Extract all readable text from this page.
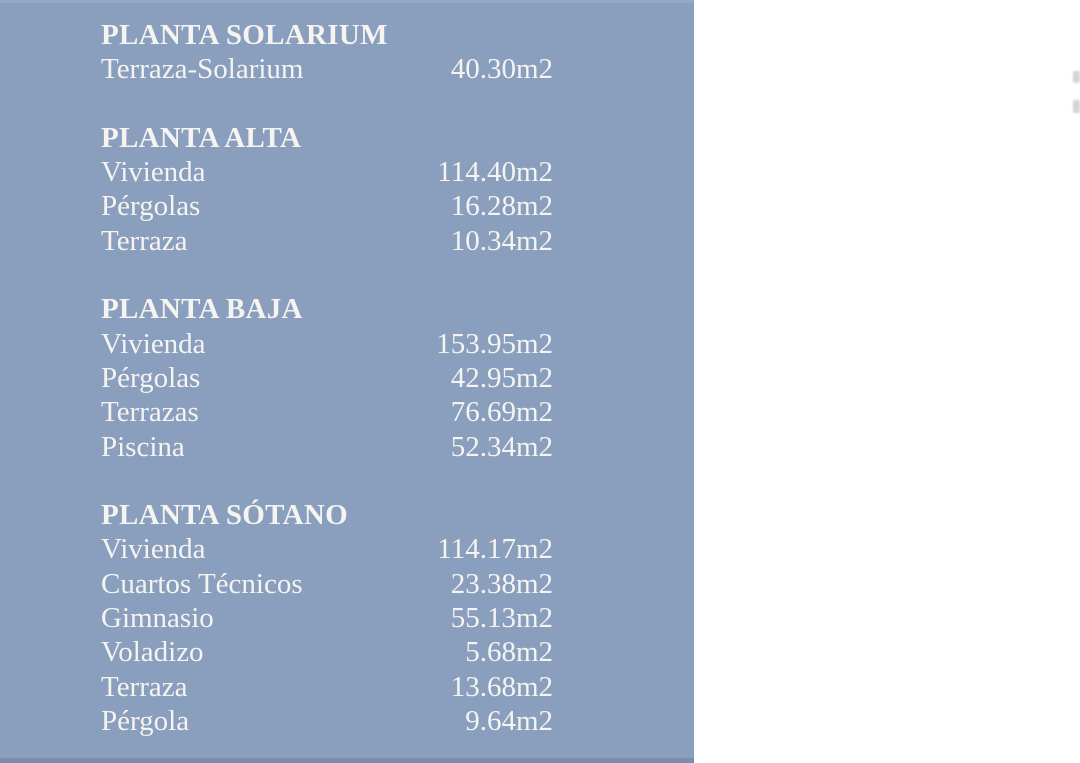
PLANTA SOLARIUM
Terraza-Solarium	40.30m2
PLANTA ALTA
Vivienda	114.40m2
Pérgolas	16.28m2
Terraza	10.34m2
PLANTA BAJA
Vivienda	153.95m2
Pérgolas	42.95m2
Terrazas	76.69m2
Piscina	52.34m2
PLANTA SÓTANO
Vivienda	114.17m2
Cuartos Técnicos	23.38m2
Gimnasio	55.13m2
Voladizo	5.68m2
Terraza	13.68m2
Pérgola	9.64m2
